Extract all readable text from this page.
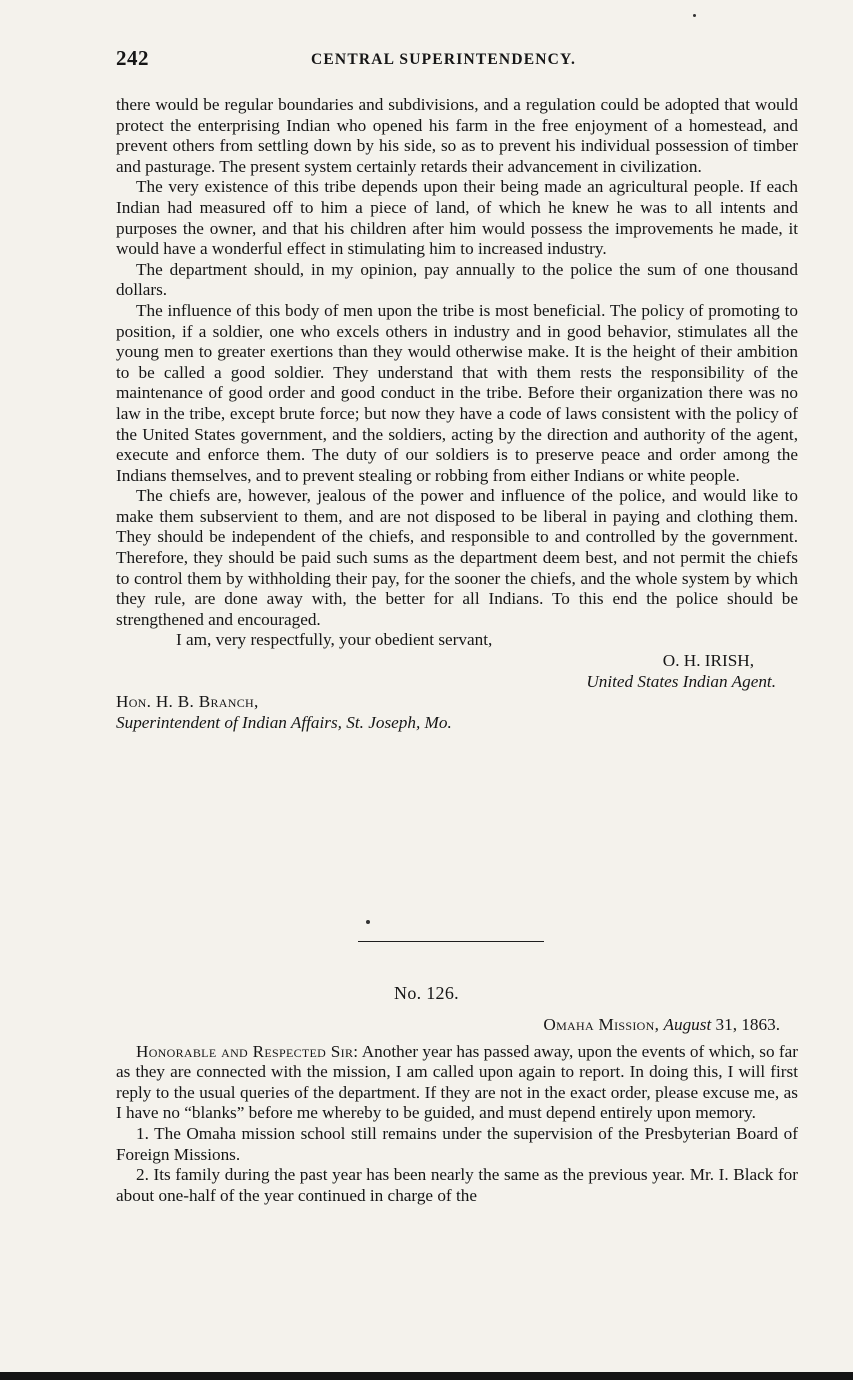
242	CENTRAL SUPERINTENDENCY.

there would be regular boundaries and subdivisions, and a regulation could be adopted that would protect the enterprising Indian who opened his farm in the free enjoyment of a homestead, and prevent others from settling down by his side, so as to prevent his individual possession of timber and pasturage. The present system certainly retards their advancement in civilization.

The very existence of this tribe depends upon their being made an agricultural people. If each Indian had measured off to him a piece of land, of which he knew he was to all intents and purposes the owner, and that his children after him would possess the improvements he made, it would have a wonderful effect in stimulating him to increased industry.

The department should, in my opinion, pay annually to the police the sum of one thousand dollars.

The influence of this body of men upon the tribe is most beneficial. The policy of promoting to position, if a soldier, one who excels others in industry and in good behavior, stimulates all the young men to greater exertions than they would otherwise make. It is the height of their ambition to be called a good soldier. They understand that with them rests the responsibility of the maintenance of good order and good conduct in the tribe. Before their organization there was no law in the tribe, except brute force; but now they have a code of laws consistent with the policy of the United States government, and the soldiers, acting by the direction and authority of the agent, execute and enforce them. The duty of our soldiers is to preserve peace and order among the Indians themselves, and to prevent stealing or robbing from either Indians or white people.

The chiefs are, however, jealous of the power and influence of the police, and would like to make them subservient to them, and are not disposed to be liberal in paying and clothing them. They should be independent of the chiefs, and responsible to and controlled by the government. Therefore, they should be paid such sums as the department deem best, and not permit the chiefs to control them by withholding their pay, for the sooner the chiefs, and the whole system by which they rule, are done away with, the better for all Indians. To this end the police should be strengthened and encouraged.

I am, very respectfully, your obedient servant,

O. H. IRISH,

United States Indian Agent.

Hon. H. B. Branch,

Superintendent of Indian Affairs, St. Joseph, Mo.

No. 126.

Omaha Mission, August 31, 1863.

Honorable and Respected Sir: Another year has passed away, upon the events of which, so far as they are connected with the mission, I am called upon again to report. In doing this, I will first reply to the usual queries of the department. If they are not in the exact order, please excuse me, as I have no “blanks” before me whereby to be guided, and must depend entirely upon memory.

1. The Omaha mission school still remains under the supervision of the Presbyterian Board of Foreign Missions.

2. Its family during the past year has been nearly the same as the previous year. Mr. I. Black for about one-half of the year continued in charge of the
